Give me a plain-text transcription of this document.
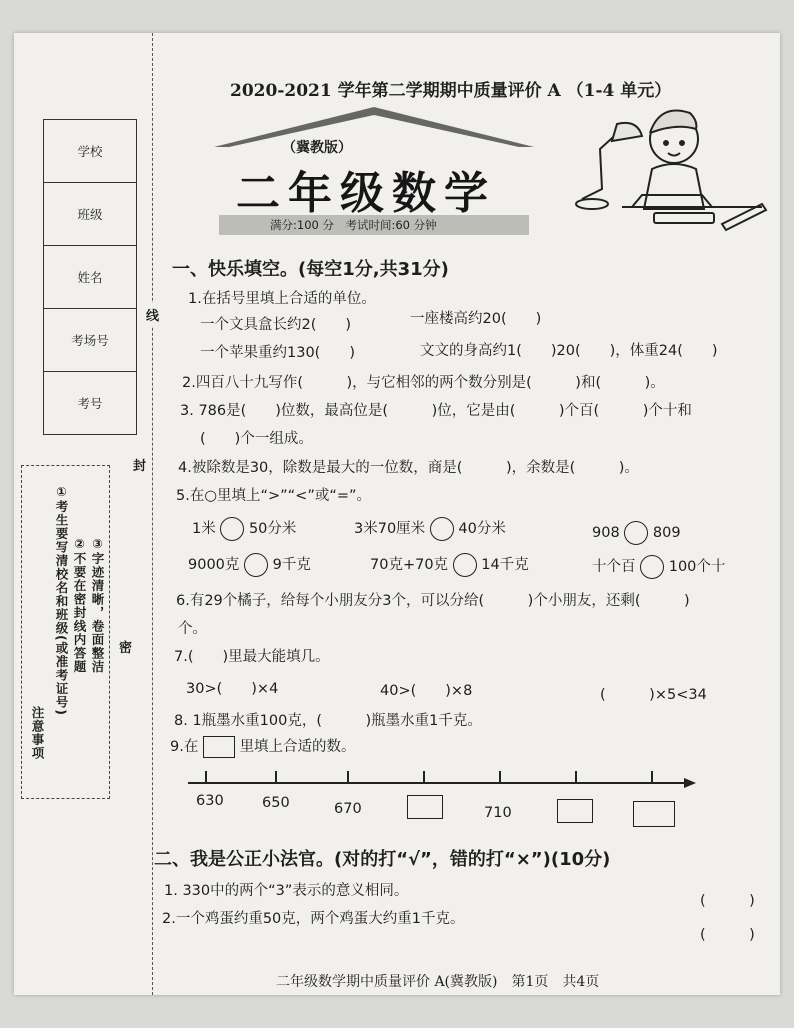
学校
班级
姓名
考场号
考号
线
封
密
注意事项
①考生要写清校名和班级(或准考证号) ②不要在密封线内答题 ③字迹清晰，卷面整洁
2020-2021 学年第二学期期中质量评价 A （1-4 单元）
（冀教版）
二年级数学
满分:100 分　考试时间:60 分钟
一、快乐填空。(每空1分,共31分)
1.在括号里填上合适的单位。
一个文具盒长约2(　　)	一座楼高约20(　　)
一个苹果重约130(　　)	文文的身高约1(　　)20(　　)，体重24(　　)
2.四百八十九写作(　　　)，与它相邻的两个数分别是(　　　)和(　　　)。
3. 786是(　　)位数，最高位是(　　　)位，它是由(　　　)个百(　　　)个十和
(　　)个一组成。
4.被除数是30，除数是最大的一位数，商是(　　　)，余数是(　　　)。
5.在○里填上“>”“<”或“=”。
1米 50分米	3米70厘米 40分米	908 809
9000克 9千克	70克+70克 14千克	十个百 100个十
6.有29个橘子，给每个小朋友分3个，可以分给(　　　)个小朋友，还剩(　　　)
个。
7.(　　)里最大能填几。
30>(　　)×4	40>(　　)×8	(　　　)×5<34
8. 1瓶墨水重100克，(　　　)瓶墨水重1千克。
9.在	里填上合适的数。
630	650	670	710
二、我是公正小法官。(对的打“√”，错的打“×”)(10分)
1. 330中的两个“3”表示的意义相同。
(　　　)
2.一个鸡蛋约重50克，两个鸡蛋大约重1千克。
(　　　)
二年级数学期中质量评价 A(冀教版)　第1页　共4页
